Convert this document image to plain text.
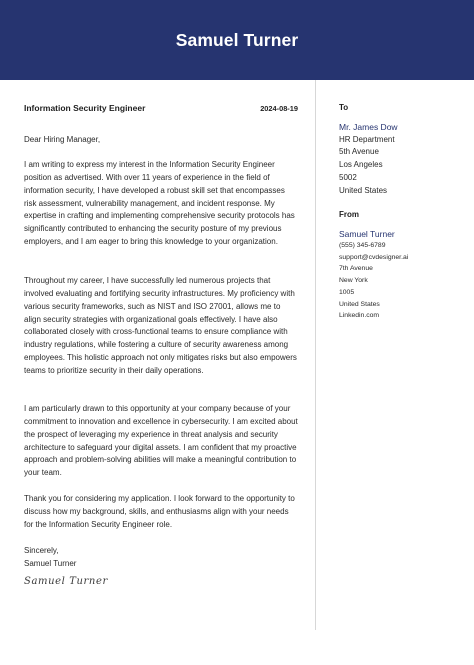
Samuel Turner
Information Security Engineer	2024-08-19

Dear Hiring Manager,

I am writing to express my interest in the Information Security Engineer position as advertised. With over 11 years of experience in the field of information security, I have developed a robust skill set that encompasses risk assessment, vulnerability management, and incident response. My expertise in crafting and implementing comprehensive security protocols has significantly contributed to enhancing the security posture of my previous employers, and I am eager to bring this knowledge to your organization.

Throughout my career, I have successfully led numerous projects that involved evaluating and fortifying security infrastructures. My proficiency with various security frameworks, such as NIST and ISO 27001, allows me to align security strategies with organizational goals effectively. I have also collaborated closely with cross-functional teams to ensure compliance with industry regulations, while fostering a culture of security awareness among employees. This holistic approach not only mitigates risks but also empowers teams to prioritize security in their daily operations.

I am particularly drawn to this opportunity at your company because of your commitment to innovation and excellence in cybersecurity. I am excited about the prospect of leveraging my experience in threat analysis and security architecture to safeguard your digital assets. I am confident that my proactive approach and problem-solving abilities will make a meaningful contribution to your team.

Thank you for considering my application. I look forward to the opportunity to discuss how my background, skills, and enthusiasms align with your needs for the Information Security Engineer role.

Sincerely,

Samuel Turner

Samuel Turner
To
Mr. James Dow
HR Department
5th Avenue
Los Angeles
5002
United States
From
Samuel Turner
(555) 345-6789
support@cvdesigner.ai
7th Avenue
New York
1005
United States
Linkedin.com
